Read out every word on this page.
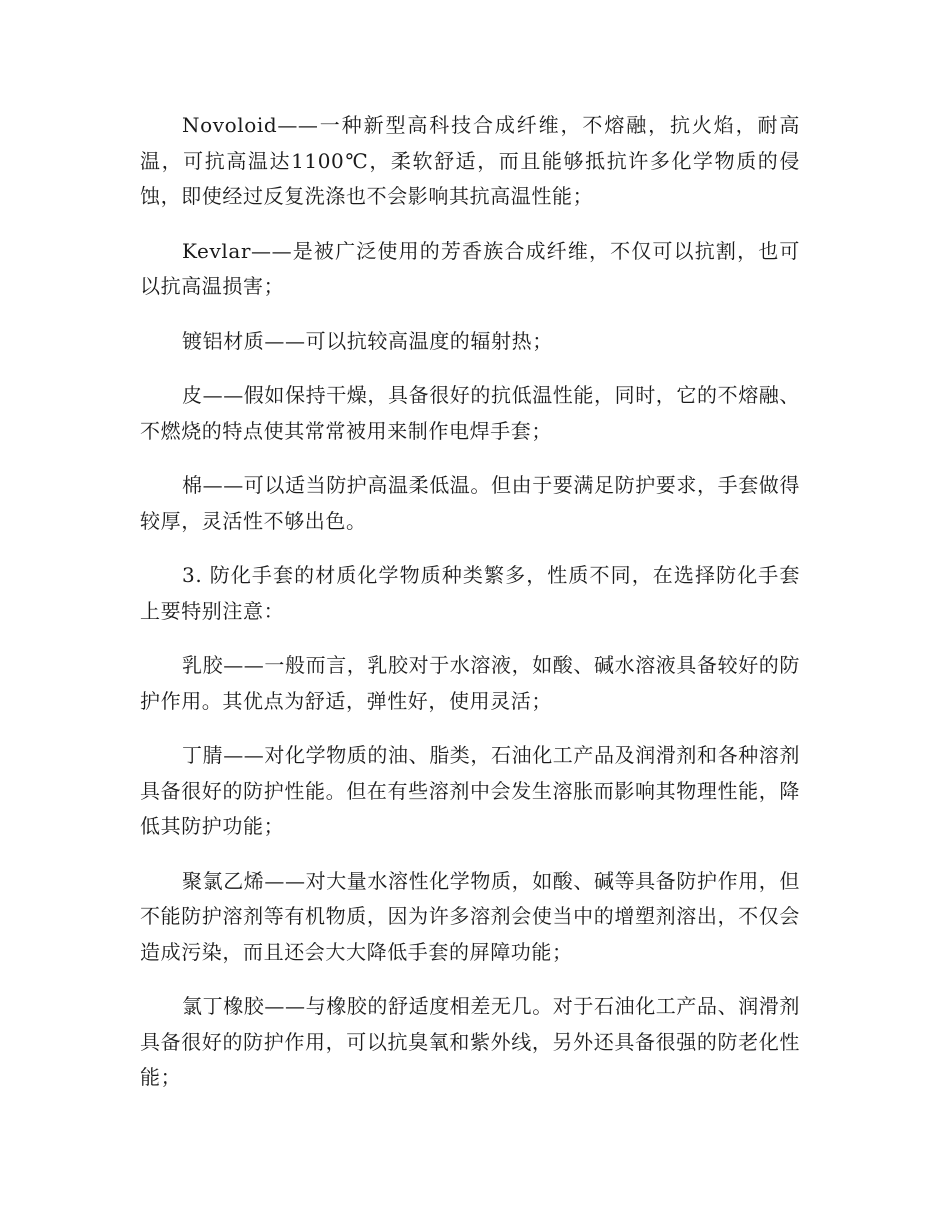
Novoloid——一种新型高科技合成纤维，不熔融，抗火焰，耐高温，可抗高温达1100℃，柔软舒适，而且能够抵抗许多化学物质的侵蚀，即使经过反复洗涤也不会影响其抗高温性能；

Kevlar——是被广泛使用的芳香族合成纤维，不仅可以抗割，也可以抗高温损害；

镀铝材质——可以抗较高温度的辐射热；

皮——假如保持干燥，具备很好的抗低温性能，同时，它的不熔融、不燃烧的特点使其常常被用来制作电焊手套；

棉——可以适当防护高温柔低温。但由于要满足防护要求，手套做得较厚，灵活性不够出色。

3. 防化手套的材质化学物质种类繁多，性质不同，在选择防化手套上要特别注意：

乳胶——一般而言，乳胶对于水溶液，如酸、碱水溶液具备较好的防护作用。其优点为舒适，弹性好，使用灵活；

丁腈——对化学物质的油、脂类，石油化工产品及润滑剂和各种溶剂具备很好的防护性能。但在有些溶剂中会发生溶胀而影响其物理性能，降低其防护功能；

聚氯乙烯——对大量水溶性化学物质，如酸、碱等具备防护作用，但不能防护溶剂等有机物质，因为许多溶剂会使当中的增塑剂溶出，不仅会造成污染，而且还会大大降低手套的屏障功能；

氯丁橡胶——与橡胶的舒适度相差无几。对于石油化工产品、润滑剂具备很好的防护作用，可以抗臭氧和紫外线，另外还具备很强的防老化性能；
